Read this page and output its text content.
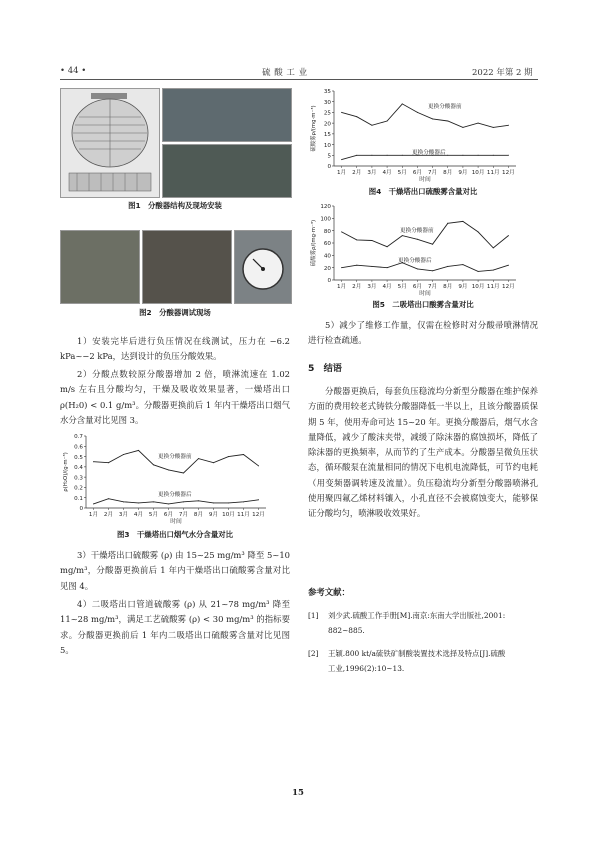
• 44 •	硫 酸 工 业	2022 年第 2 期
图1　分酸器结构及现场安装
图2　分酸器调试现场
1）安装完毕后进行负压情况在线测试，压力在 −6.2 kPa~−2 kPa，达到设计的负压分酸效果。
2）分酸点数较原分酸器增加 2 倍，喷淋流速在 1.02 m/s 左右且分酸均匀，干燥及吸收效果显著，一燥塔出口 ρ(H₂0) < 0.1 g/m³。分酸器更换前后 1 年内干燥塔出口烟气水分含量对比见图 3。
0
0.1
0.2
0.3
0.4
0.5
0.6
0.7
1月 2月 3月 4月 5月 6月 7月 8月 9月 10月 11月 12月
时间
ρ(H₂O)/(g·m⁻³)	更换分酸器前
更换分酸器后
图3　干燥塔出口烟气水分含量对比
3）干燥塔出口硫酸雾 (ρ) 由 15~25 mg/m³ 降至 5~10 mg/m³，分酸器更换前后 1 年内干燥塔出口硫酸雾含量对比见图 4。
4）二吸塔出口管道硫酸雾 (ρ) 从 21~78 mg/m³ 降至 11~28 mg/m³，满足工艺硫酸雾 (ρ) < 30 mg/m³ 的指标要求。分酸器更换前后 1 年内二吸塔出口硫酸雾含量对比见图 5。
0
5
10
15
20
25
30
35
1月 2月 3月 4月 5月 6月 7月 8月 9月 10月 11月 12月
时间
硫酸雾ρ/(mg·m⁻³)	更换分酸器前
更换分酸器后
图4　干燥塔出口硫酸雾含量对比
0
20
40
60
80
100
120
1月 2月 3月 4月 5月 6月 7月 8月 9月 10月 11月 12月
时间
硫酸雾ρ/(mg·m⁻³)	更换分酸器前
更换分酸器后
图5　二吸塔出口酸雾含量对比
5）减少了维修工作量，仅需在检修时对分酸帚喷淋情况进行检查疏通。
5　结语
分酸器更换后，每套负压稳流均分新型分酸器在维护保养方面的费用较老式铸铁分酸器降低一半以上，且该分酸器质保期 5 年，使用寿命可达 15~20 年。更换分酸器后，烟气水含量降低，减少了酸沫夹带，减缓了除沫器的腐蚀损坏，降低了除沫器的更换频率，从而节约了生产成本。分酸器呈微负压状态，循环酸泵在流量相同的情况下电机电流降低，可节约电耗（用变频器调转速及流量）。负压稳流均分新型分酸器喷淋孔使用聚四氟乙烯材料镶入，小孔直径不会被腐蚀变大，能够保证分酸均匀，喷淋吸收效果好。
参考文献：
[1] 刘少武.硫酸工作手册[M].南京:东南大学出版社,2001:
882~885.
[2] 王颖.800 kt/a硫铁矿制酸装置技术选择及特点[J].硫酸
工业,1996(2):10~13.
15
